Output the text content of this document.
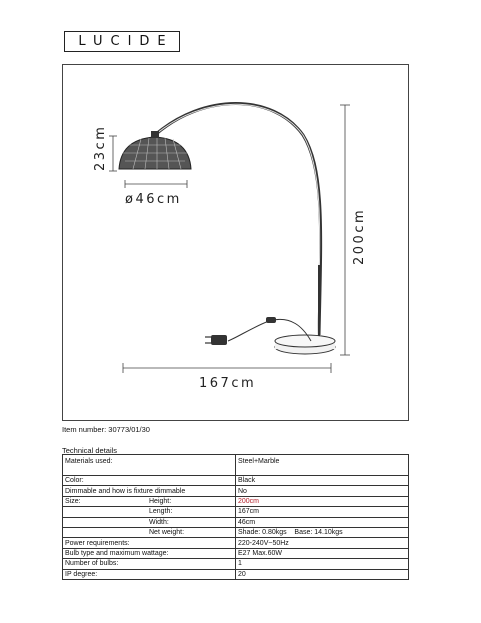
LUCIDE
23cm
ø46cm
200cm
167cm
Item number: 30773/01/30
Technical details
Materials used:	Steel+Marble
Color:	Black
Dimmable and how is fixture dimmable	No
Size: Height:	200cm
Length:	167cm
Width:	46cm
Net weight:	Shade: 0.80kgs    Base: 14.10kgs
Power requirements:	220-240V~50Hz
Bulb type and maximum wattage:	E27 Max.60W
Number of bulbs:	1
IP degree:	20
